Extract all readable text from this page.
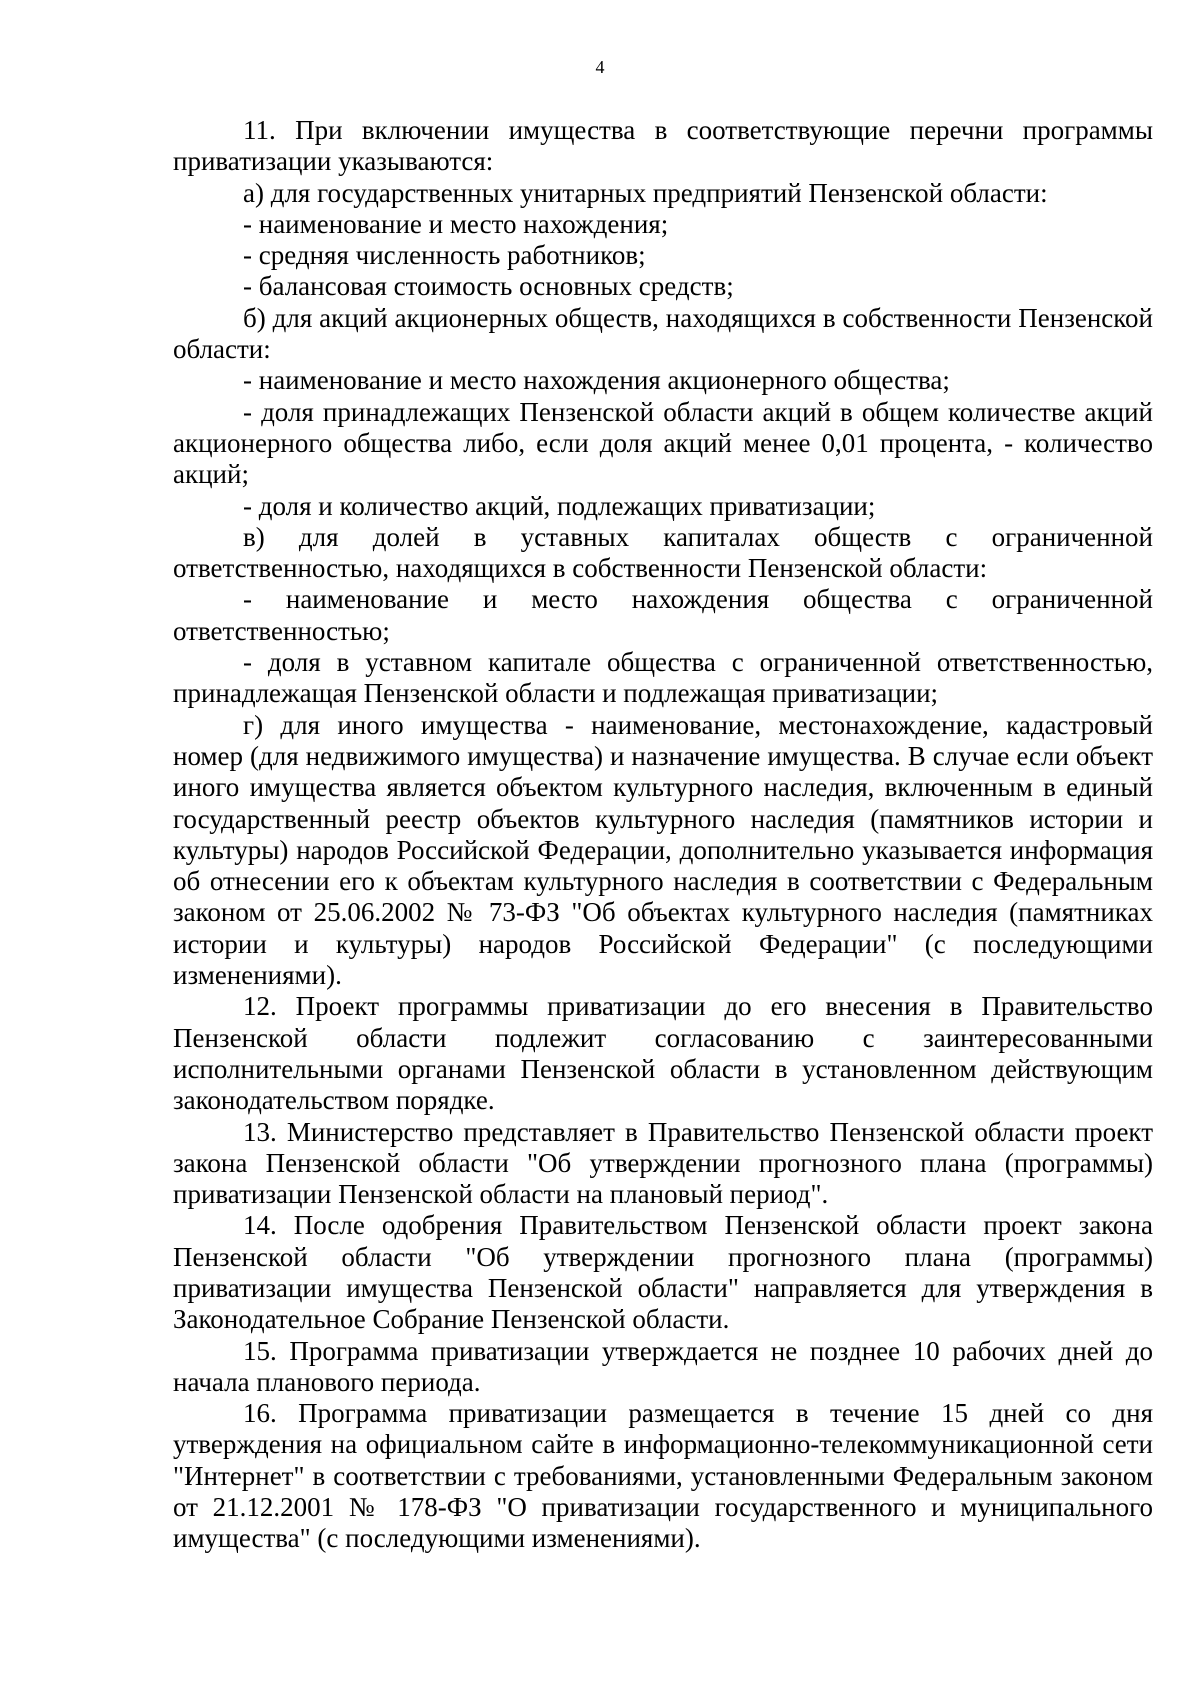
4

11. При включении имущества в соответствующие перечни программы приватизации указываются:

а) для государственных унитарных предприятий Пензенской области:

- наименование и место нахождения;

- средняя численность работников;

- балансовая стоимость основных средств;

б) для акций акционерных обществ, находящихся в собственности Пензенской области:

- наименование и место нахождения акционерного общества;

- доля принадлежащих Пензенской области акций в общем количестве акций акционерного общества либо, если доля акций менее 0,01 процента, - количество акций;

- доля и количество акций, подлежащих приватизации;

в) для долей в уставных капиталах обществ с ограниченной ответственностью, находящихся в собственности Пензенской области:

- наименование и место нахождения общества с ограниченной ответственностью;

- доля в уставном капитале общества с ограниченной ответственностью, принадлежащая Пензенской области и подлежащая приватизации;

г) для иного имущества - наименование, местонахождение, кадастровый номер (для недвижимого имущества) и назначение имущества. В случае если объект иного имущества является объектом культурного наследия, включенным в единый государственный реестр объектов культурного наследия (памятников истории и культуры) народов Российской Федерации, дополнительно указывается информация об отнесении его к объектам культурного наследия в соответствии с Федеральным законом от 25.06.2002 № 73-ФЗ "Об объектах культурного наследия (памятниках истории и культуры) народов Российской Федерации" (с последующими изменениями).

12. Проект программы приватизации до его внесения в Правительство Пензенской области подлежит согласованию с заинтересованными исполнительными органами Пензенской области в установленном действующим законодательством порядке.

13. Министерство представляет в Правительство Пензенской области проект закона Пензенской области "Об утверждении прогнозного плана (программы) приватизации Пензенской области на плановый период".

14. После одобрения Правительством Пензенской области проект закона Пензенской области "Об утверждении прогнозного плана (программы) приватизации имущества Пензенской области" направляется для утверждения в Законодательное Собрание Пензенской области.

15. Программа приватизации утверждается не позднее 10 рабочих дней до начала планового периода.

16. Программа приватизации размещается в течение 15 дней со дня утверждения на официальном сайте в информационно-телекоммуникационной сети "Интернет" в соответствии с требованиями, установленными Федеральным законом от 21.12.2001 № 178-ФЗ "О приватизации государственного и муниципального имущества" (с последующими изменениями).
